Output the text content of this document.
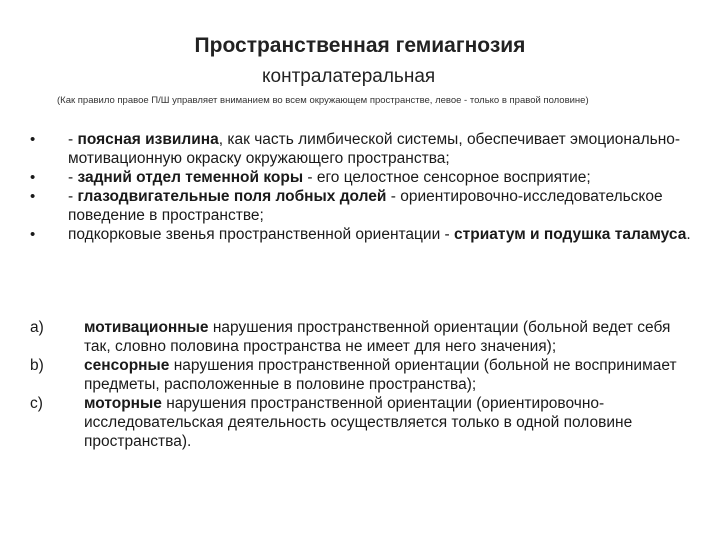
Пространственная гемиагнозия
контралатеральная
(Как правило правое П/Ш управляет вниманием во всем окружающем пространстве, левое - только в правой половине)
•	- поясная извилина, как часть лимбической системы, обеспечивает эмоционально-мотивационную окраску окружающего пространства;
•	- задний отдел теменной коры - его целостное сенсорное восприятие;
•	- глазодвигательные поля лобных долей - ориентировочно-исследовательское поведение в пространстве;
•	подкорковые звенья пространственной ориентации - стриатум и подушка таламуса.
a)	мотивационные нарушения пространственной ориентации (больной ведет себя так, словно половина пространства не имеет для него значения);
b)	сенсорные нарушения пространственной ориентации (больной не воспринимает предметы, расположенные в половине пространства);
c)	моторные нарушения пространственной ориентации (ориентировочно-исследовательская деятельность осуществляется только в одной половине пространства).
